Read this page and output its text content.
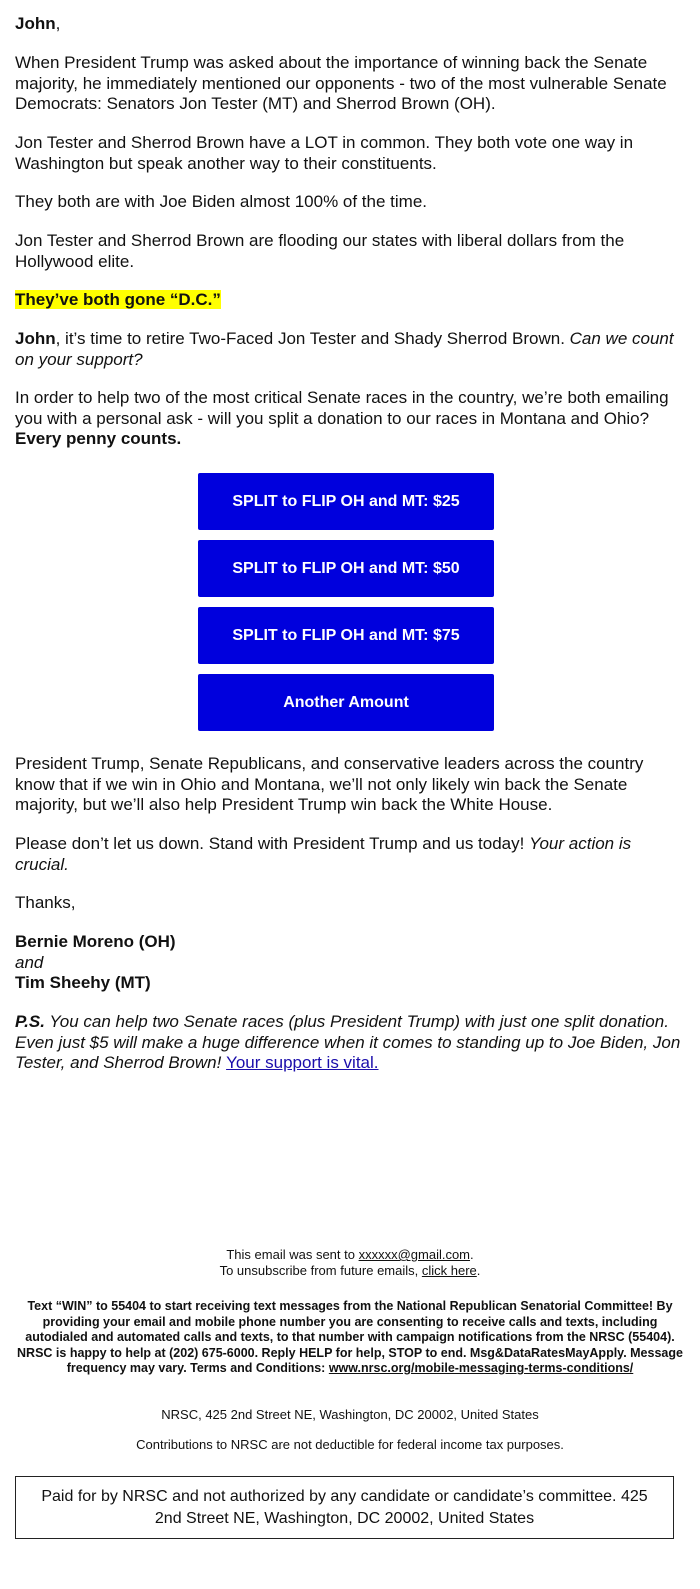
John,

When President Trump was asked about the importance of winning back the Senate majority, he immediately mentioned our opponents - two of the most vulnerable Senate Democrats: Senators Jon Tester (MT) and Sherrod Brown (OH).

Jon Tester and Sherrod Brown have a LOT in common. They both vote one way in Washington but speak another way to their constituents.

They both are with Joe Biden almost 100% of the time.

Jon Tester and Sherrod Brown are flooding our states with liberal dollars from the Hollywood elite.

They’ve both gone “D.C.”

John, it’s time to retire Two-Faced Jon Tester and Shady Sherrod Brown. Can we count on your support?

In order to help two of the most critical Senate races in the country, we’re both emailing you with a personal ask - will you split a donation to our races in Montana and Ohio? Every penny counts.

SPLIT to FLIP OH and MT: $25
SPLIT to FLIP OH and MT: $50
SPLIT to FLIP OH and MT: $75
Another Amount

President Trump, Senate Republicans, and conservative leaders across the country know that if we win in Ohio and Montana, we’ll not only likely win back the Senate majority, but we’ll also help President Trump win back the White House.

Please don’t let us down. Stand with President Trump and us today! Your action is crucial.

Thanks,

Bernie Moreno (OH)
and
Tim Sheehy (MT)

P.S. You can help two Senate races (plus President Trump) with just one split donation. Even just $5 will make a huge difference when it comes to standing up to Joe Biden, Jon Tester, and Sherrod Brown! Your support is vital.

This email was sent to xxxxxx@gmail.com.
To unsubscribe from future emails, click here.

Text “WIN” to 55404 to start receiving text messages from the National Republican Senatorial Committee! By providing your email and mobile phone number you are consenting to receive calls and texts, including autodialed and automated calls and texts, to that number with campaign notifications from the NRSC (55404). NRSC is happy to help at (202) 675-6000. Reply HELP for help, STOP to end. Msg&DataRatesMayApply. Message frequency may vary. Terms and Conditions: www.nrsc.org/mobile-messaging-terms-conditions/

NRSC, 425 2nd Street NE, Washington, DC 20002, United States

Contributions to NRSC are not deductible for federal income tax purposes.

Paid for by NRSC and not authorized by any candidate or candidate’s committee. 425 2nd Street NE, Washington, DC 20002, United States
